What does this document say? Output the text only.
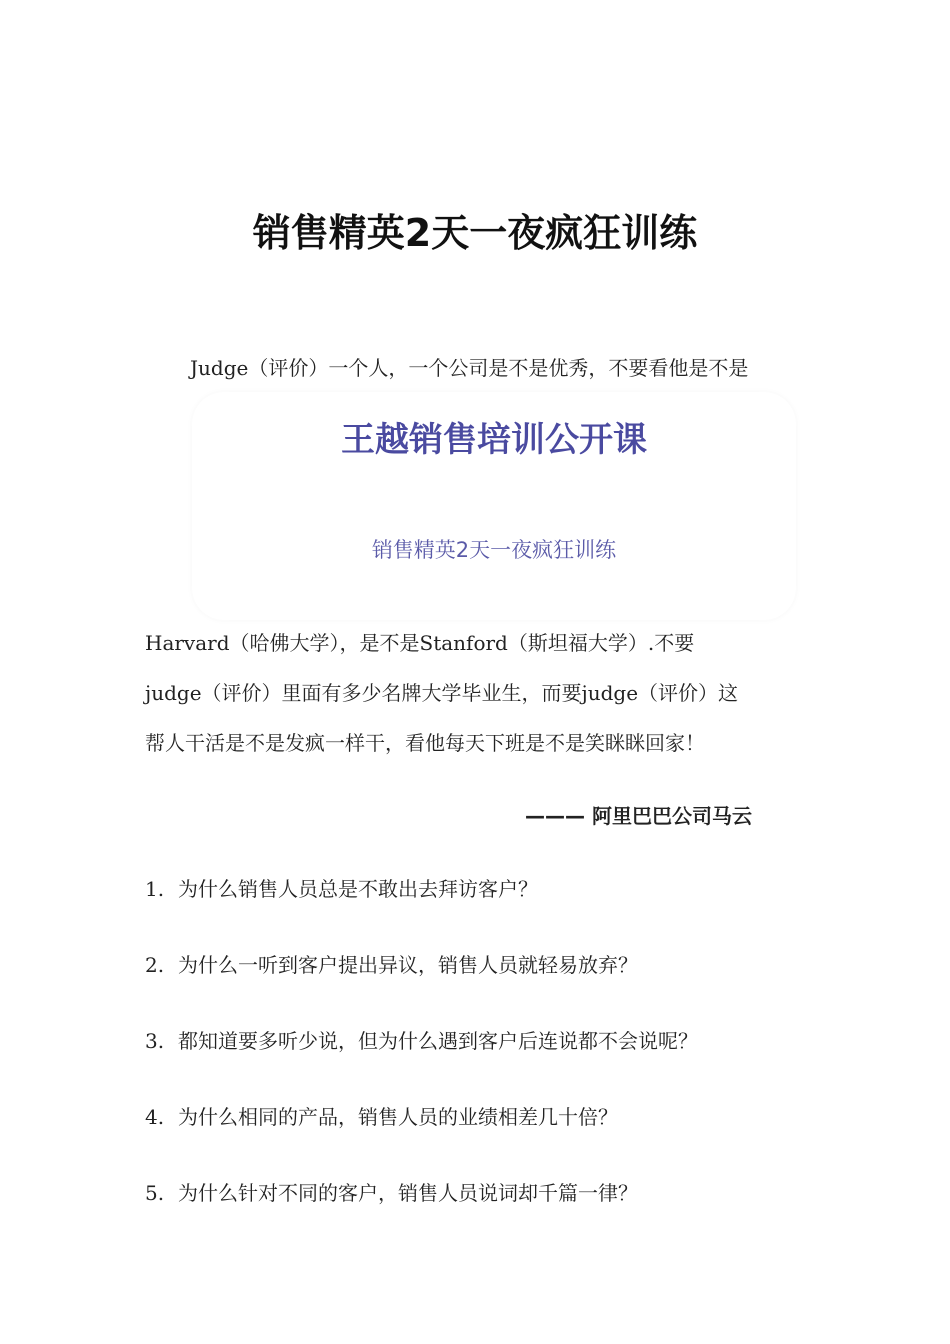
销售精英2天一夜疯狂训练
Judge（评价）一个人，一个公司是不是优秀，不要看他是不是
王越销售培训公开课
销售精英2天一夜疯狂训练
Harvard（哈佛大学），是不是Stanford（斯坦福大学）.不要
judge（评价）里面有多少名牌大学毕业生，而要judge（评价）这
帮人干活是不是发疯一样干，看他每天下班是不是笑眯眯回家！
——— 阿里巴巴公司马云
1. 为什么销售人员总是不敢出去拜访客户？
2. 为什么一听到客户提出异议，销售人员就轻易放弃？
3. 都知道要多听少说，但为什么遇到客户后连说都不会说呢？
4. 为什么相同的产品，销售人员的业绩相差几十倍？
5. 为什么针对不同的客户，销售人员说词却千篇一律？
